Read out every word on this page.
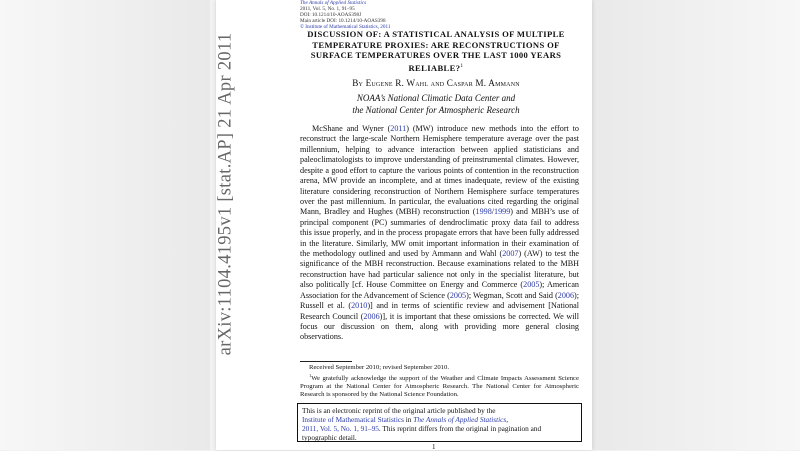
arXiv:1104.4195v1 [stat.AP] 21 Apr 2011
The Annals of Applied Statistics
2011, Vol. 5, No. 1, 91–95
DOI: 10.1214/10-AOAS398J
Main article DOI: 10.1214/10-AOAS398
© Institute of Mathematical Statistics, 2011
DISCUSSION OF: A STATISTICAL ANALYSIS OF MULTIPLE TEMPERATURE PROXIES: ARE RECONSTRUCTIONS OF SURFACE TEMPERATURES OVER THE LAST 1000 YEARS RELIABLE?$^1$
By Eugene R. Wahl and Caspar M. Ammann
NOAA’s National Climatic Data Center and
the National Center for Atmospheric Research

McShane and Wyner (2011) (MW) introduce new methods into the effort to reconstruct the large-scale Northern Hemisphere temperature average over the past millennium, helping to advance interaction between applied statisticians and paleoclimatologists to improve understanding of preinstrumental climates. However, despite a good effort to capture the various points of contention in the reconstruction arena, MW provide an incomplete, and at times inadequate, review of the existing literature considering reconstruction of Northern Hemisphere surface temperatures over the past millennium. In particular, the evaluations cited regarding the original Mann, Bradley and Hughes (MBH) reconstruction (1998/1999) and MBH’s use of principal component (PC) summaries of dendroclimatic proxy data fail to address this issue properly, and in the process propagate errors that have been fully addressed in the literature. Similarly, MW omit important information in their examination of the methodology outlined and used by Ammann and Wahl (2007) (AW) to test the significance of the MBH reconstruction. Because examinations related to the MBH reconstruction have had particular salience not only in the specialist literature, but also politically [cf. House Committee on Energy and Commerce (2005); American Association for the Advancement of Science (2005); Wegman, Scott and Said (2006); Russell et al. (2010)] and in terms of scientific review and advisement [National Research Council (2006)], it is important that these omissions be corrected. We will focus our discussion on them, along with providing more general closing observations.

Received September 2010; revised September 2010.

$^1$We gratefully acknowledge the support of the Weather and Climate Impacts Assessment Science Program at the National Center for Atmospheric Research. The National Center for Atmospheric Research is sponsored by the National Science Foundation.

This is an electronic reprint of the original article published by the
Institute of Mathematical Statistics in The Annals of Applied Statistics,
2011, Vol. 5, No. 1, 91–95. This reprint differs from the original in pagination and typographic detail.
1
